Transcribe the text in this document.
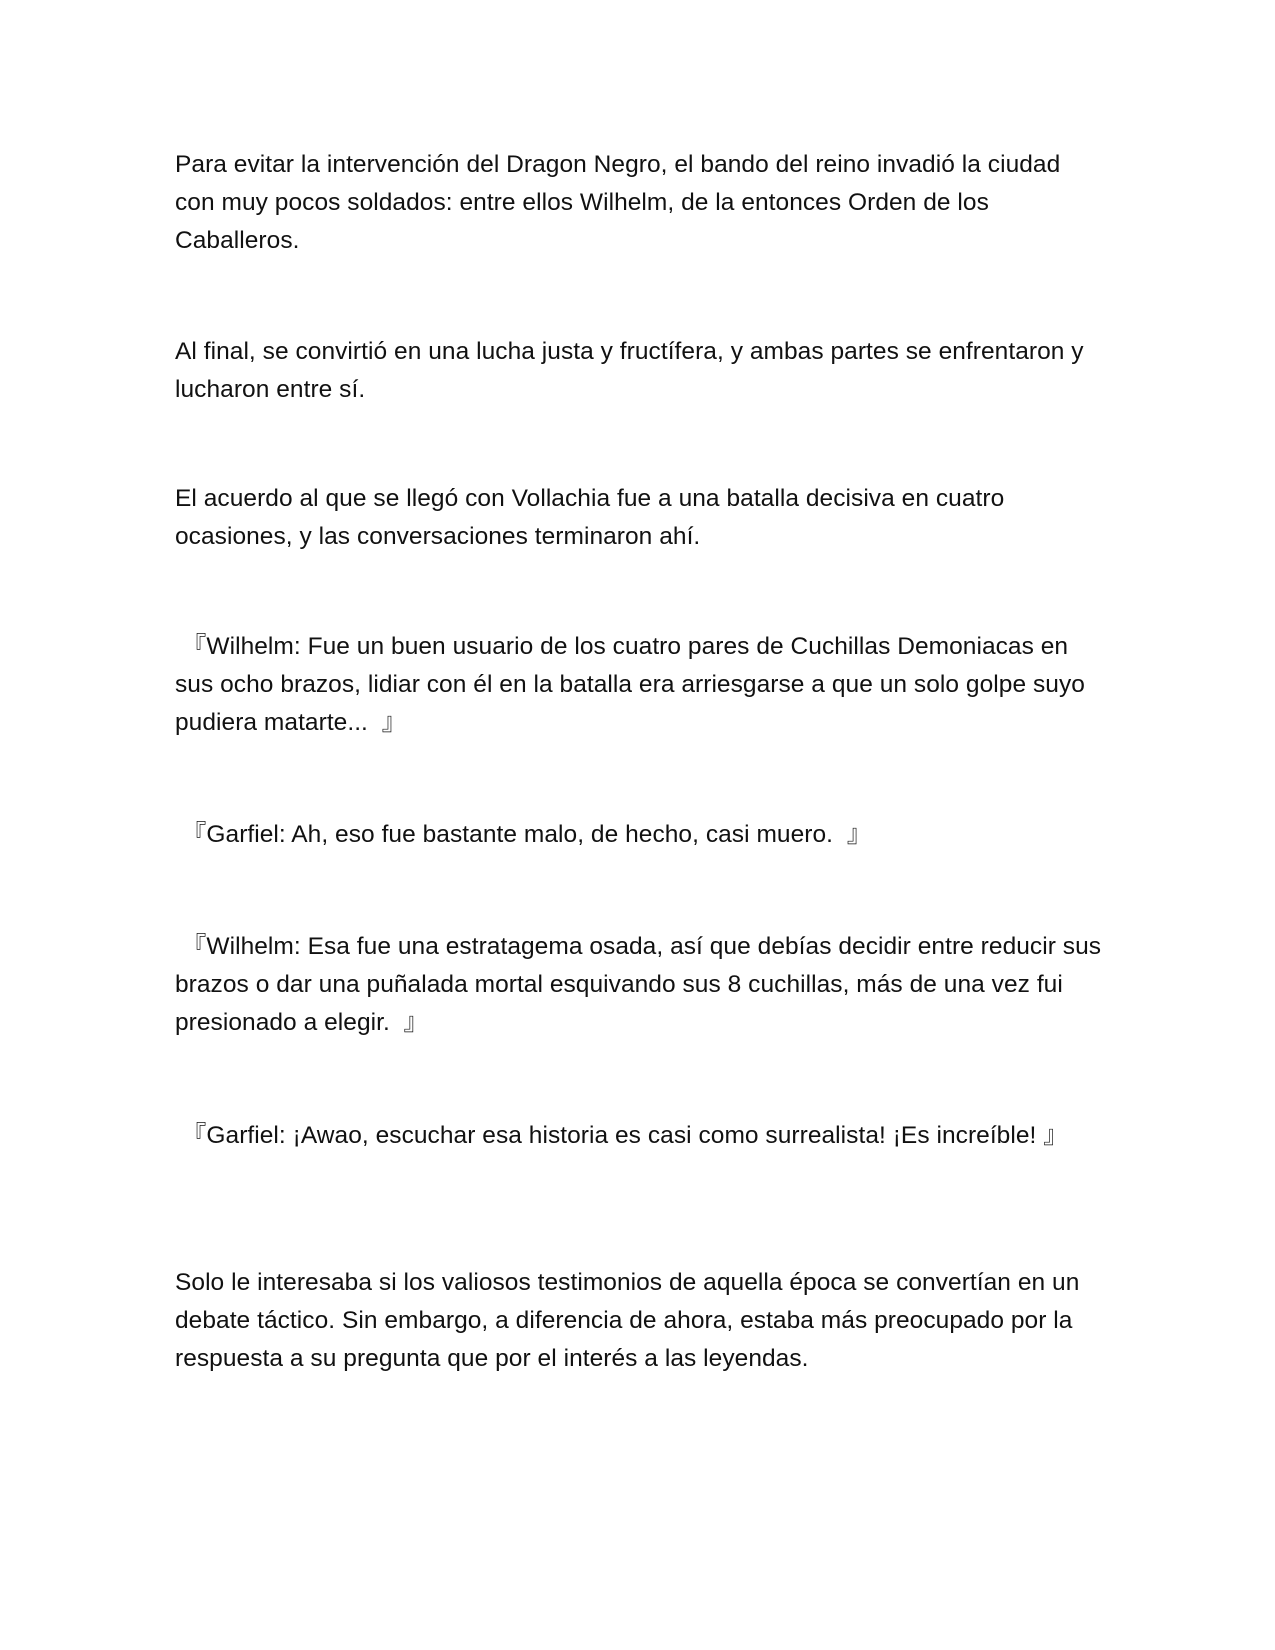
Para evitar la intervención del Dragon Negro, el bando del reino invadió la ciudad con muy pocos soldados: entre ellos Wilhelm, de la entonces Orden de los Caballeros.

Al final, se convirtió en una lucha justa y fructífera, y ambas partes se enfrentaron y lucharon entre sí.

El acuerdo al que se llegó con Vollachia fue a una batalla decisiva en cuatro ocasiones, y las conversaciones terminaron ahí.

『Wilhelm: Fue un buen usuario de los cuatro pares de Cuchillas Demoniacas en sus ocho brazos, lidiar con él en la batalla era arriesgarse a que un solo golpe suyo pudiera matarte...  』

『Garfiel: Ah, eso fue bastante malo, de hecho, casi muero.  』

『Wilhelm: Esa fue una estratagema osada, así que debías decidir entre reducir sus brazos o dar una puñalada mortal esquivando sus 8 cuchillas, más de una vez fui presionado a elegir.  』

『Garfiel: ¡Awao, escuchar esa historia es casi como surrealista! ¡Es increíble! 』

Solo le interesaba si los valiosos testimonios de aquella época se convertían en un debate táctico. Sin embargo, a diferencia de ahora, estaba más preocupado por la respuesta a su pregunta que por el interés a las leyendas.
